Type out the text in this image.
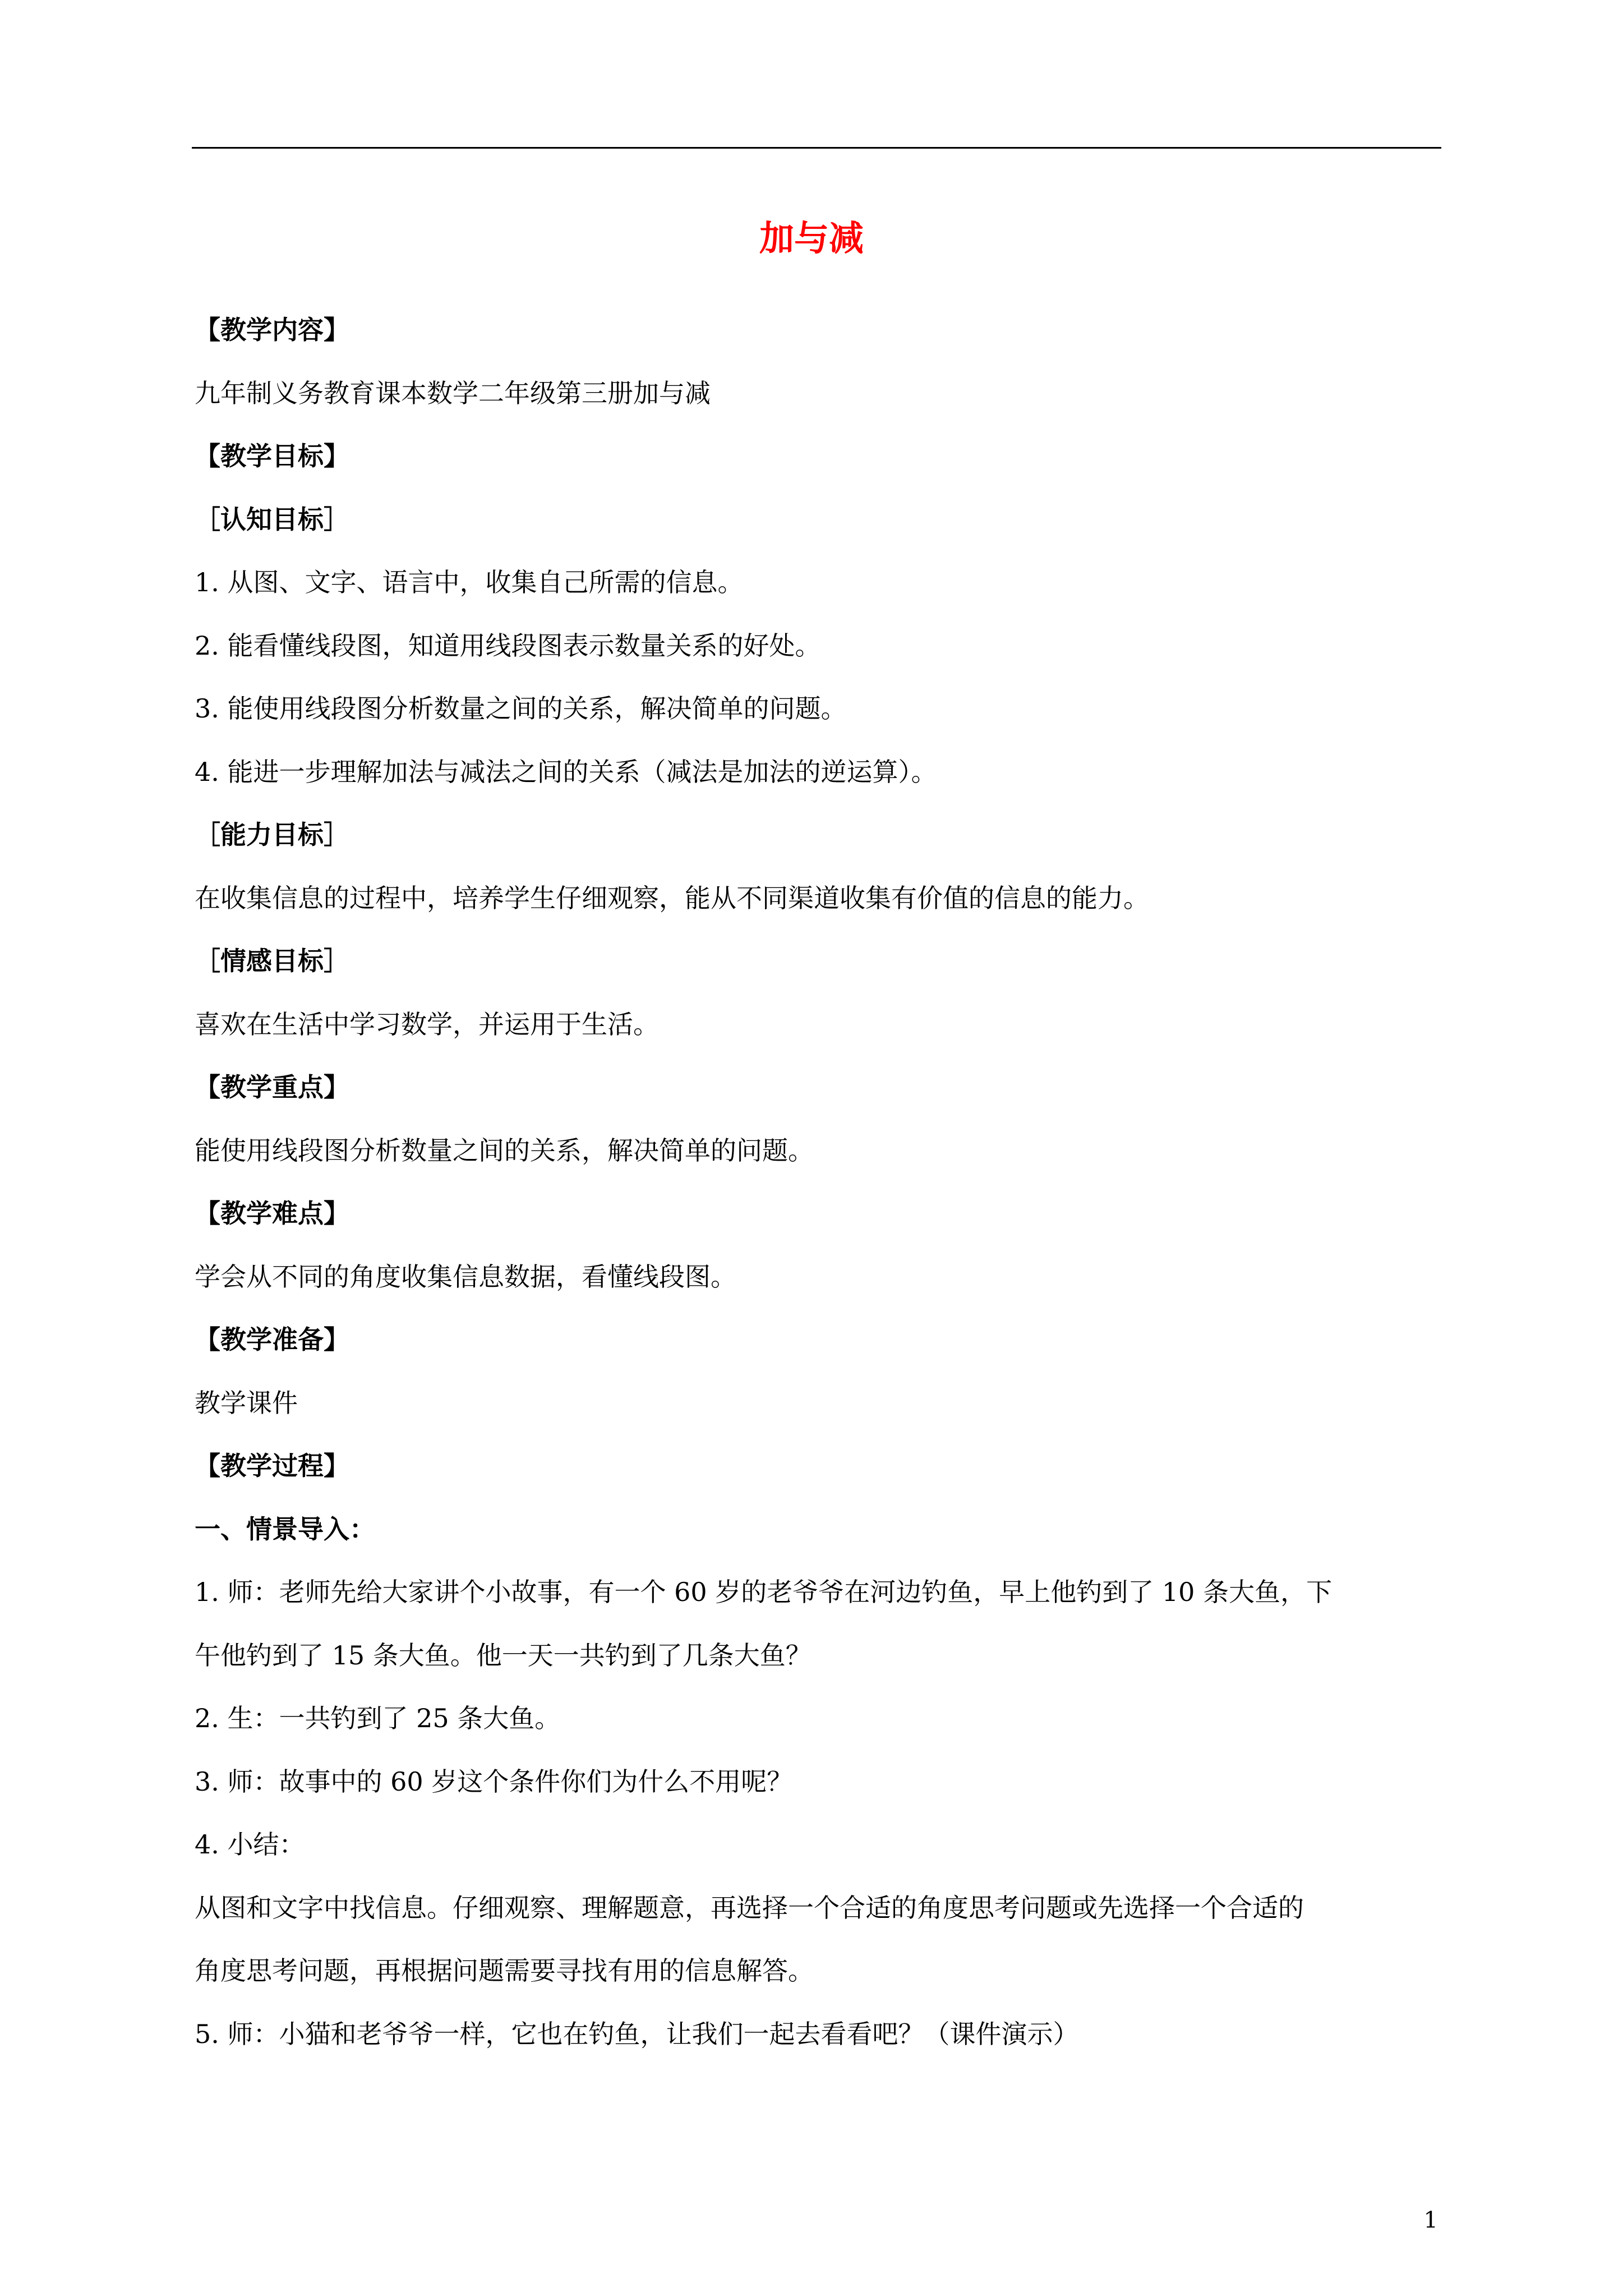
加与减
【教学内容】
九年制义务教育课本数学二年级第三册加与减
【教学目标】
［认知目标］
1. 从图、文字、语言中，收集自己所需的信息。
2. 能看懂线段图，知道用线段图表示数量关系的好处。
3. 能使用线段图分析数量之间的关系，解决简单的问题。
4. 能进一步理解加法与减法之间的关系（减法是加法的逆运算）。
［能力目标］
在收集信息的过程中，培养学生仔细观察，能从不同渠道收集有价值的信息的能力。
［情感目标］
喜欢在生活中学习数学，并运用于生活。
【教学重点】
能使用线段图分析数量之间的关系，解决简单的问题。
【教学难点】
学会从不同的角度收集信息数据，看懂线段图。
【教学准备】
教学课件
【教学过程】
一、情景导入：
1. 师：老师先给大家讲个小故事，有一个 60 岁的老爷爷在河边钓鱼，早上他钓到了 10 条大鱼，下
午他钓到了 15 条大鱼。他一天一共钓到了几条大鱼？
2. 生：一共钓到了 25 条大鱼。
3. 师：故事中的 60 岁这个条件你们为什么不用呢？
4. 小结：
从图和文字中找信息。仔细观察、理解题意，再选择一个合适的角度思考问题或先选择一个合适的
角度思考问题，再根据问题需要寻找有用的信息解答。
5. 师：小猫和老爷爷一样，它也在钓鱼，让我们一起去看看吧？（课件演示）
1
